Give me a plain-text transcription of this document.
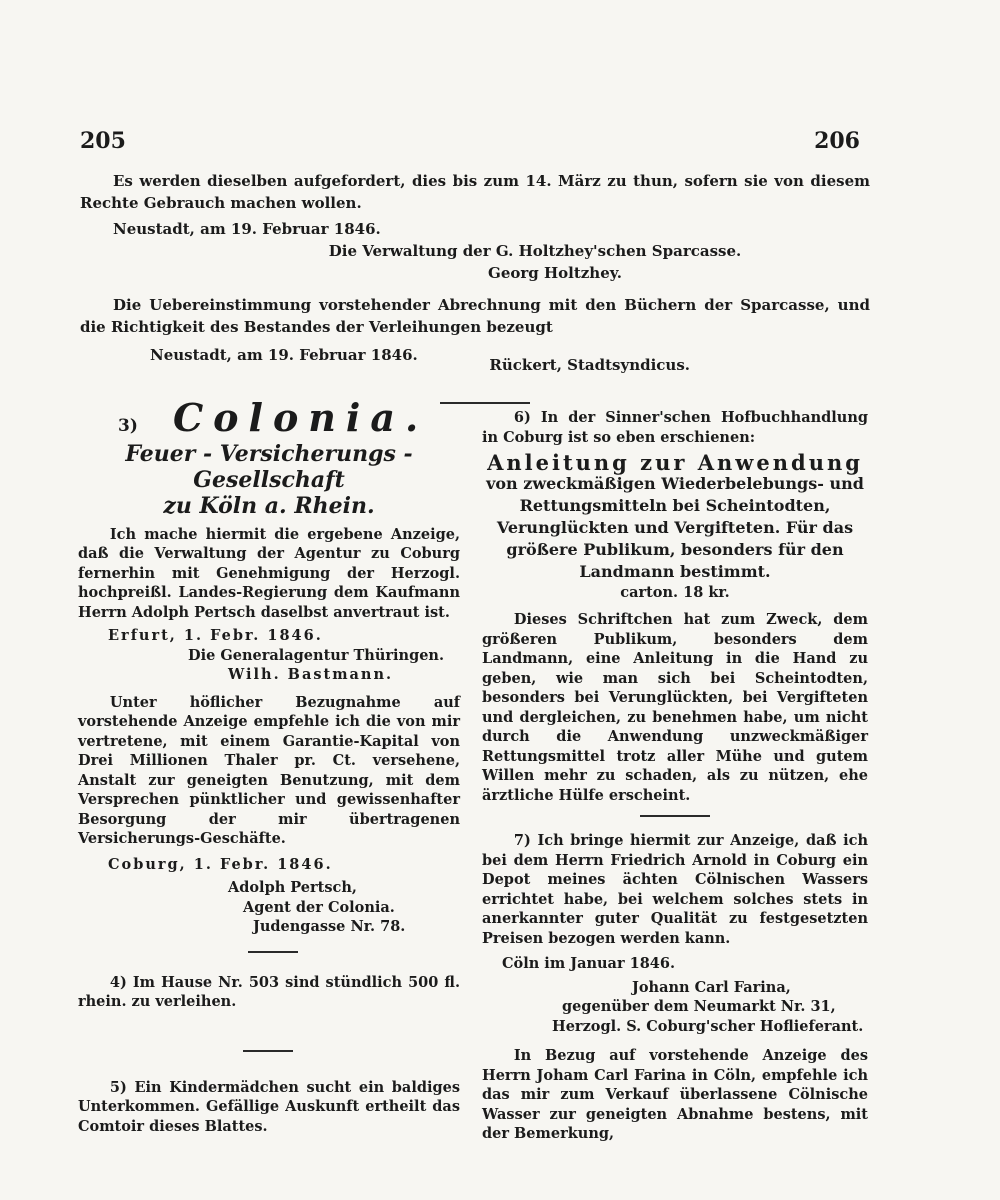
205	206

Es werden dieselben aufgefordert, dies bis zum 14. März zu thun, sofern sie von diesem Rechte Gebrauch machen wollen.

Neustadt, am 19. Februar 1846.

Die Verwaltung der G. Holtzhey'schen Sparcasse.

Georg Holtzhey.

Die Uebereinstimmung vorstehender Abrechnung mit den Büchern der Sparcasse, und die Richtigkeit des Bestandes der Verleihungen bezeugt

Neustadt, am 19. Februar 1846.
Rückert, Stadtsyndicus.

3) Colonia.
Feuer - Versicherungs - Gesellschaft
zu Köln a. Rhein.

Ich mache hiermit die ergebene Anzeige, daß die Verwaltung der Agentur zu Coburg fernerhin mit Genehmigung der Herzogl. hochpreißl. Landes-Regierung dem Kaufmann Herrn Adolph Pertsch daselbst anvertraut ist.

Erfurt, 1. Febr. 1846.

Die Generalagentur Thüringen.

Wilh. Bastmann.

Unter höflicher Bezugnahme auf vorstehende Anzeige empfehle ich die von mir vertretene, mit einem Garantie-Kapital von Drei Millionen Thaler pr. Ct. versehene, Anstalt zur geneigten Benutzung, mit dem Versprechen pünktlicher und gewissenhafter Besorgung der mir übertragenen Versicherungs-Geschäfte.

Coburg, 1. Febr. 1846.

Adolph Pertsch,

Agent der Colonia.

Judengasse Nr. 78.

4) Im Hause Nr. 503 sind stündlich 500 fl. rhein. zu verleihen.

5) Ein Kindermädchen sucht ein baldiges Unterkommen. Gefällige Auskunft ertheilt das Comtoir dieses Blattes.

6) In der Sinner'schen Hofbuchhandlung in Coburg ist so eben erschienen:

Anleitung zur Anwendung

von zweckmäßigen Wiederbelebungs- und Rettungsmitteln bei Scheintodten, Verunglückten und Vergifteten. Für das größere Publikum, besonders für den Landmann bestimmt.

carton. 18 kr.

Dieses Schriftchen hat zum Zweck, dem größeren Publikum, besonders dem Landmann, eine Anleitung in die Hand zu geben, wie man sich bei Scheintodten, besonders bei Verunglückten, bei Vergifteten und dergleichen, zu benehmen habe, um nicht durch die Anwendung unzweckmäßiger Rettungsmittel trotz aller Mühe und gutem Willen mehr zu schaden, als zu nützen, ehe ärztliche Hülfe erscheint.

7) Ich bringe hiermit zur Anzeige, daß ich bei dem Herrn Friedrich Arnold in Coburg ein Depot meines ächten Cölnischen Wassers errichtet habe, bei welchem solches stets in anerkannter guter Qualität zu festgesetzten Preisen bezogen werden kann.

Cöln im Januar 1846.

Johann Carl Farina,

gegenüber dem Neumarkt Nr. 31,

Herzogl. S. Coburg'scher Hoflieferant.

In Bezug auf vorstehende Anzeige des Herrn Joham Carl Farina in Cöln, empfehle ich das mir zum Verkauf überlassene Cölnische Wasser zur geneigten Abnahme bestens, mit der Bemerkung,
